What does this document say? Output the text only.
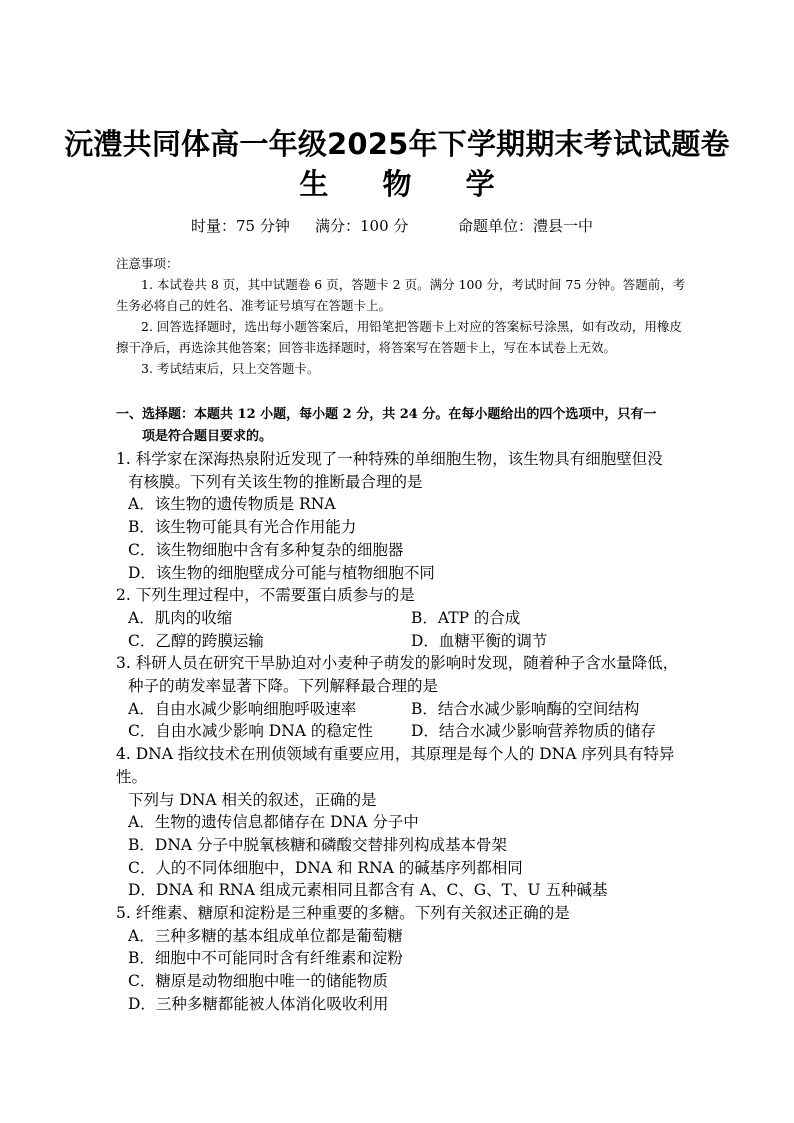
沅澧共同体高一年级2025年下学期期末考试试题卷
生 物 学
时量：75 分钟 满分：100 分	命题单位：澧县一中

注意事项：

1. 本试卷共 8 页，其中试题卷 6 页，答题卡 2 页。满分 100 分，考试时间 75 分钟。答题前，考生务必将自己的姓名、准考证号填写在答题卡上。

2. 回答选择题时，选出每小题答案后，用铅笔把答题卡上对应的答案标号涂黑，如有改动，用橡皮擦干净后，再选涂其他答案；回答非选择题时，将答案写在答题卡上，写在本试卷上无效。

3. 考试结束后，只上交答题卡。

一、选择题：本题共 12 小题，每小题 2 分，共 24 分。在每小题给出的四个选项中，只有一
项是符合题目要求的。

1. 科学家在深海热泉附近发现了一种特殊的单细胞生物，该生物具有细胞壁但没

有核膜。下列有关该生物的推断最合理的是

A．该生物的遗传物质是 RNA

B．该生物可能具有光合作用能力

C．该生物细胞中含有多种复杂的细胞器

D．该生物的细胞壁成分可能与植物细胞不同

2. 下列生理过程中，不需要蛋白质参与的是

A．肌肉的收缩	B．ATP 的合成
C．乙醇的跨膜运输	D．血糖平衡的调节

3. 科研人员在研究干旱胁迫对小麦种子萌发的影响时发现，随着种子含水量降低，

种子的萌发率显著下降。下列解释最合理的是

A．自由水减少影响细胞呼吸速率	B．结合水减少影响酶的空间结构
C．自由水减少影响 DNA 的稳定性	D．结合水减少影响营养物质的储存

4. DNA 指纹技术在刑侦领域有重要应用，其原理是每个人的 DNA 序列具有特异性。

下列与 DNA 相关的叙述，正确的是

A．生物的遗传信息都储存在 DNA 分子中

B．DNA 分子中脱氧核糖和磷酸交替排列构成基本骨架

C．人的不同体细胞中，DNA 和 RNA 的碱基序列都相同

D．DNA 和 RNA 组成元素相同且都含有 A、C、G、T、U 五种碱基

5. 纤维素、糖原和淀粉是三种重要的多糖。下列有关叙述正确的是

A．三种多糖的基本组成单位都是葡萄糖

B．细胞中不可能同时含有纤维素和淀粉

C．糖原是动物细胞中唯一的储能物质

D．三种多糖都能被人体消化吸收利用
